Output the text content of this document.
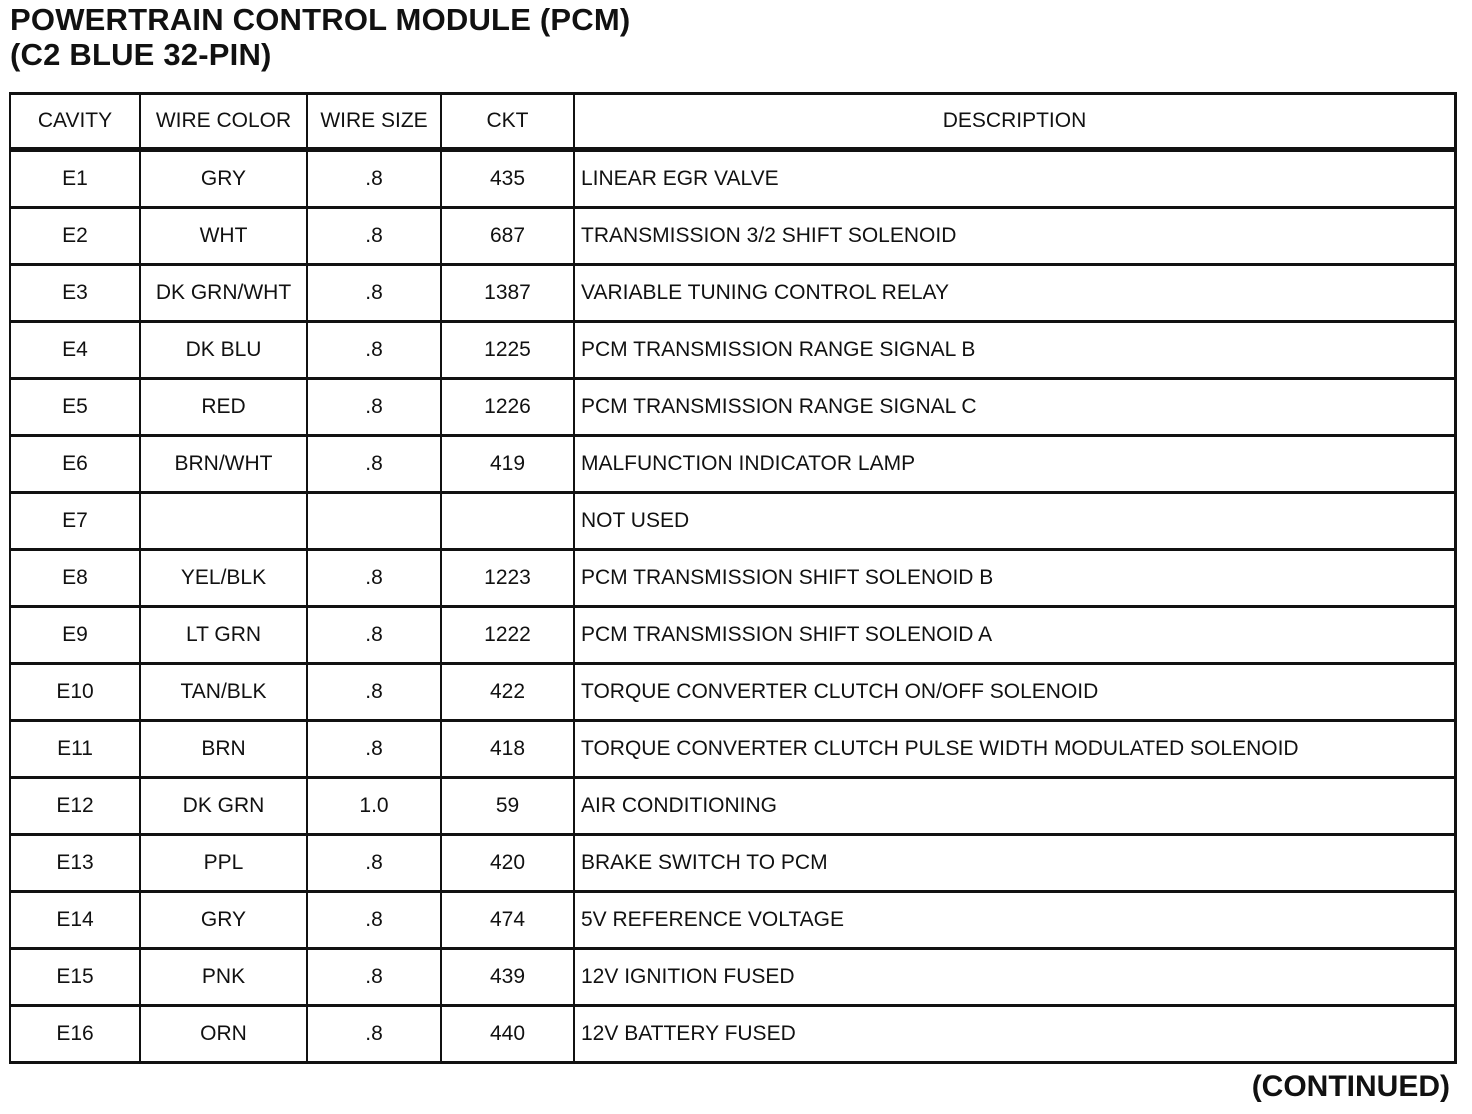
POWERTRAIN CONTROL MODULE (PCM)
(C2 BLUE 32-PIN)
CAVITY	WIRE COLOR	WIRE SIZE	CKT	DESCRIPTION
E1	GRY	.8	435	LINEAR EGR VALVE
E2	WHT	.8	687	TRANSMISSION 3/2 SHIFT SOLENOID
E3	DK GRN/WHT	.8	1387	VARIABLE TUNING CONTROL RELAY
E4	DK BLU	.8	1225	PCM TRANSMISSION RANGE SIGNAL B
E5	RED	.8	1226	PCM TRANSMISSION RANGE SIGNAL C
E6	BRN/WHT	.8	419	MALFUNCTION INDICATOR LAMP
E7				NOT USED
E8	YEL/BLK	.8	1223	PCM TRANSMISSION SHIFT SOLENOID B
E9	LT GRN	.8	1222	PCM TRANSMISSION SHIFT SOLENOID A
E10	TAN/BLK	.8	422	TORQUE CONVERTER CLUTCH ON/OFF SOLENOID
E11	BRN	.8	418	TORQUE CONVERTER CLUTCH PULSE WIDTH MODULATED SOLENOID
E12	DK GRN	1.0	59	AIR CONDITIONING
E13	PPL	.8	420	BRAKE SWITCH TO PCM
E14	GRY	.8	474	5V REFERENCE VOLTAGE
E15	PNK	.8	439	12V IGNITION FUSED
E16	ORN	.8	440	12V BATTERY FUSED
(CONTINUED)
